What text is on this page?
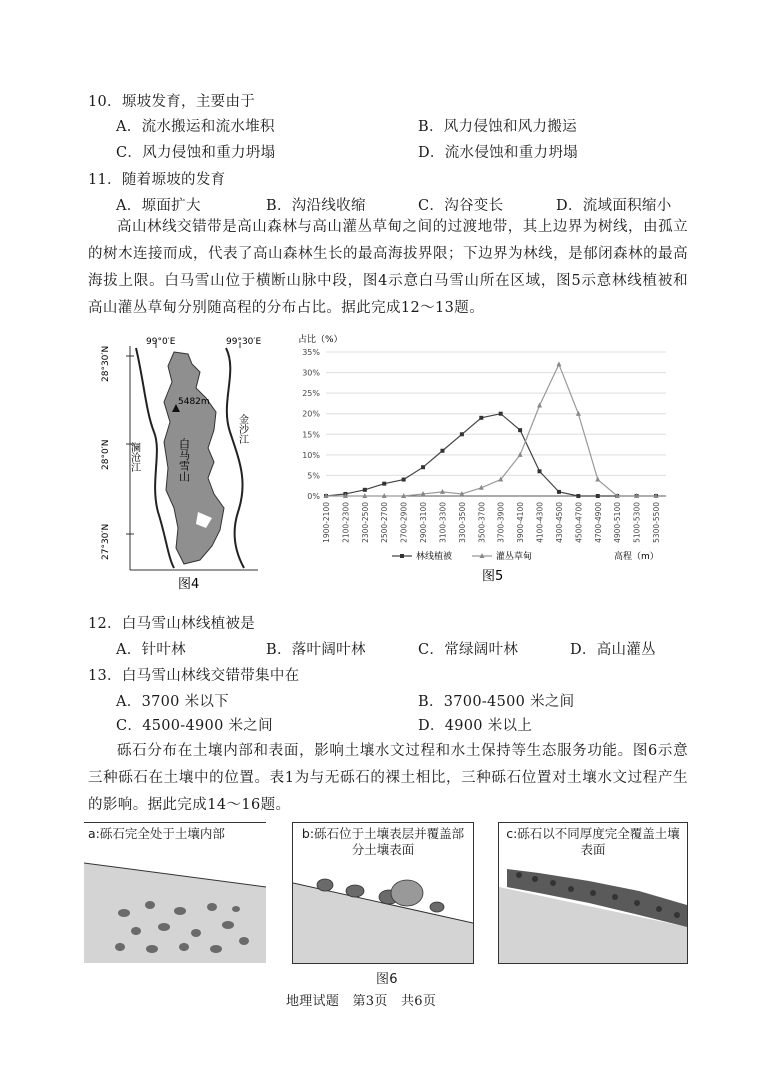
10．塬坡发育，主要由于
A．流水搬运和流水堆积	B．风力侵蚀和风力搬运
C．风力侵蚀和重力坍塌	D．流水侵蚀和重力坍塌
11．随着塬坡的发育
A．塬面扩大	B．沟沿线收缩	C．沟谷变长	D．流域面积缩小
高山林线交错带是高山森林与高山灌丛草甸之间的过渡地带，其上边界为树线，由孤立的树木连接而成，代表了高山森林生长的最高海拔界限；下边界为林线，是郁闭森林的最高海拔上限。白马雪山位于横断山脉中段，图4示意白马雪山所在区域，图5示意林线植被和高山灌丛草甸分别随高程的分布占比。据此完成12～13题。
99°0′E	99°30′E
28°30′N
28°0′N
27°30′N
5482m
白马雪山
澜沧江
金沙江
图4
占比（%）
0%
5%
10%
15%
20%
25%
30%
35%
1900-2100 2100-2300 2300-2500 2500-2700 2700-2900 2900-3100 3100-3300 3300-3500 3500-3700 3700-3900 3900-4100 4100-4300 4300-4500 4500-4700 4700-4900 4900-5100 5100-5300 5300-5500
林线植被	灌丛草甸	高程（m）
图5
12．白马雪山林线植被是
A．针叶林	B．落叶阔叶林	C．常绿阔叶林	D．高山灌丛
13．白马雪山林线交错带集中在
A．3700 米以下	B．3700-4500 米之间
C．4500-4900 米之间	D．4900 米以上
砾石分布在土壤内部和表面，影响土壤水文过程和水土保持等生态服务功能。图6示意三种砾石在土壤中的位置。表1为与无砾石的裸土相比，三种砾石位置对土壤水文过程产生的影响。据此完成14～16题。
a:砾石完全处于土壤内部	b:砾石位于土壤表层并覆盖部分土壤表面
c:砾石以不同厚度完全覆盖土壤表面
图6
地理试题　第3页　共6页
